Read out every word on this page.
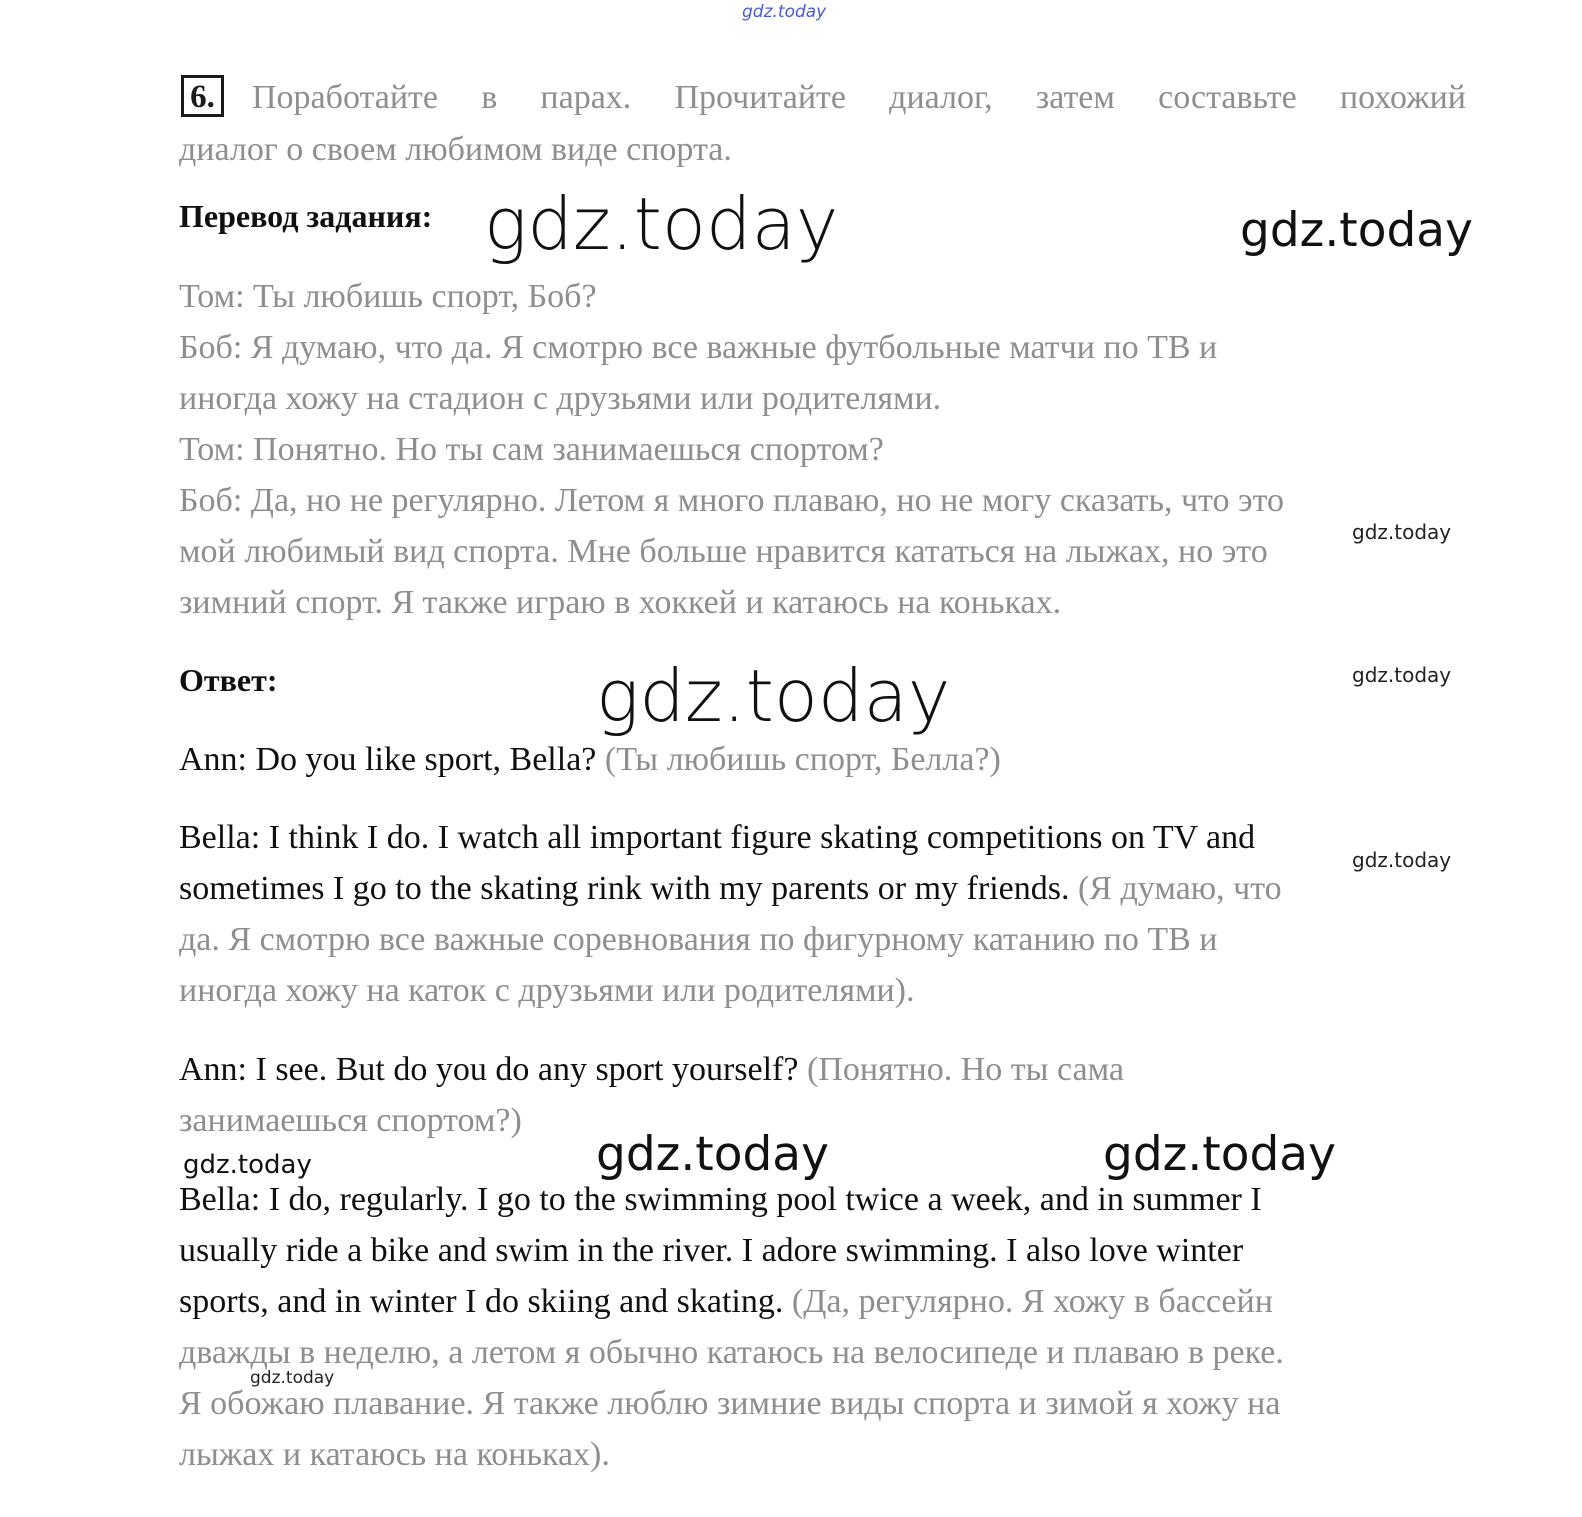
gdz.today
6. Поработайте в парах. Прочитайте диалог, затем составьте похожий
диалог о своем любимом виде спорта.
Перевод задания: gdz.today	gdz.today
Том: Ты любишь спорт, Боб?
Боб: Я думаю, что да. Я смотрю все важные футбольные матчи по ТВ и
иногда хожу на стадион с друзьями или родителями.
Том: Понятно. Но ты сам занимаешься спортом?
Боб: Да, но не регулярно. Летом я много плаваю, но не могу сказать, что это
мой любимый вид спорта. Мне больше нравится кататься на лыжах, но это
зимний спорт. Я также играю в хоккей и катаюсь на коньках.
gdz.today
gdz.today
Ответ:	gdz.today
Ann: Do you like sport, Bella? (Ты любишь спорт, Белла?)
Bella: I think I do. I watch all important figure skating competitions on TV and
gdz.today
sometimes I go to the skating rink with my parents or my friends. (Я думаю, что
да. Я смотрю все важные соревнования по фигурному катанию по ТВ и
иногда хожу на каток с друзьями или родителями).
Ann: I see. But do you do any sport yourself? (Понятно. Но ты сама
занимаешься спортом?)
gdz.today	gdz.today	gdz.today
Bella: I do, regularly. I go to the swimming pool twice a week, and in summer I
usually ride a bike and swim in the river. I adore swimming. I also love winter
sports, and in winter I do skiing and skating. (Да, регулярно. Я хожу в бассейн
дважды в неделю, а летом я обычно катаюсь на велосипеде и плаваю в реке.
gdz.today
Я обожаю плавание. Я также люблю зимние виды спорта и зимой я хожу на
лыжах и катаюсь на коньках).
